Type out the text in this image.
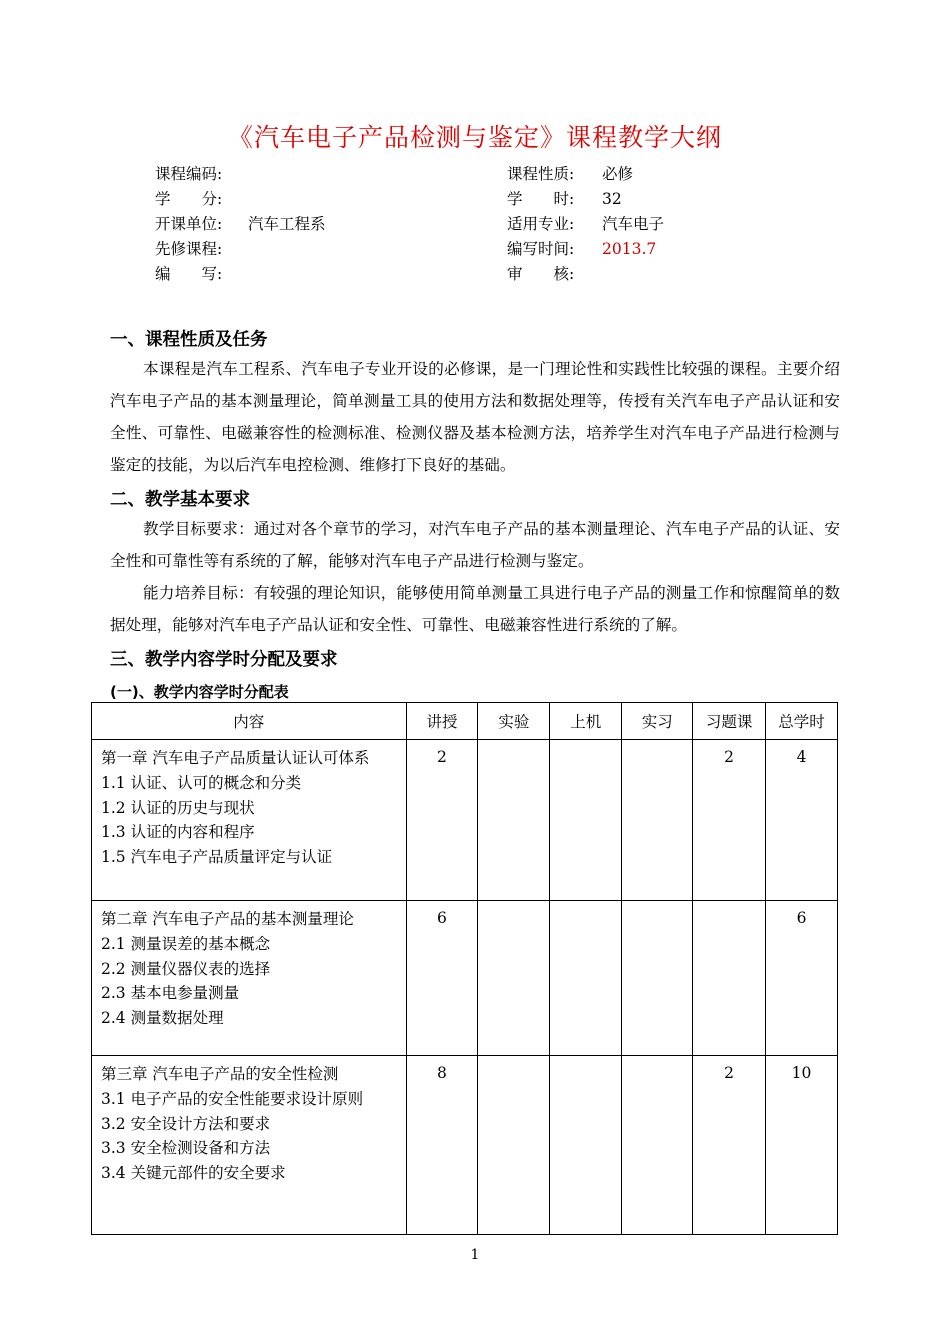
《汽车电子产品检测与鉴定》课程教学大纲
课程编码:
学　　分:
开课单位: 汽车工程系
先修课程:
编　　写:
课程性质: 必修
学　　时: 32
适用专业: 汽车电子
编写时间: 2013.7
审　　核:
一、课程性质及任务
本课程是汽车工程系、汽车电子专业开设的必修课，是一门理论性和实践性比较强的课程。主要介绍汽车电子产品的基本测量理论，简单测量工具的使用方法和数据处理等，传授有关汽车电子产品认证和安全性、可靠性、电磁兼容性的检测标准、检测仪器及基本检测方法，培养学生对汽车电子产品进行检测与鉴定的技能，为以后汽车电控检测、维修打下良好的基础。
二、教学基本要求
教学目标要求：通过对各个章节的学习，对汽车电子产品的基本测量理论、汽车电子产品的认证、安全性和可靠性等有系统的了解，能够对汽车电子产品进行检测与鉴定。
能力培养目标：有较强的理论知识，能够使用简单测量工具进行电子产品的测量工作和惊醒简单的数据处理，能够对汽车电子产品认证和安全性、可靠性、电磁兼容性进行系统的了解。
三、教学内容学时分配及要求
(一)、教学内容学时分配表
内容	讲授	实验	上机	实习	习题课	总学时

第一章 汽车电子产品质量认证认可体系
1.1 认证、认可的概念和分类
1.2 认证的历史与现状
1.3 认证的内容和程序
1.5 汽车电子产品质量评定与认证	2				2	4

第二章 汽车电子产品的基本测量理论
2.1 测量误差的基本概念
2.2 测量仪器仪表的选择
2.3 基本电参量测量
2.4 测量数据处理	6					6

第三章 汽车电子产品的安全性检测
3.1 电子产品的安全性能要求设计原则
3.2 安全设计方法和要求
3.3 安全检测设备和方法
3.4 关键元部件的安全要求	8				2	10
1
